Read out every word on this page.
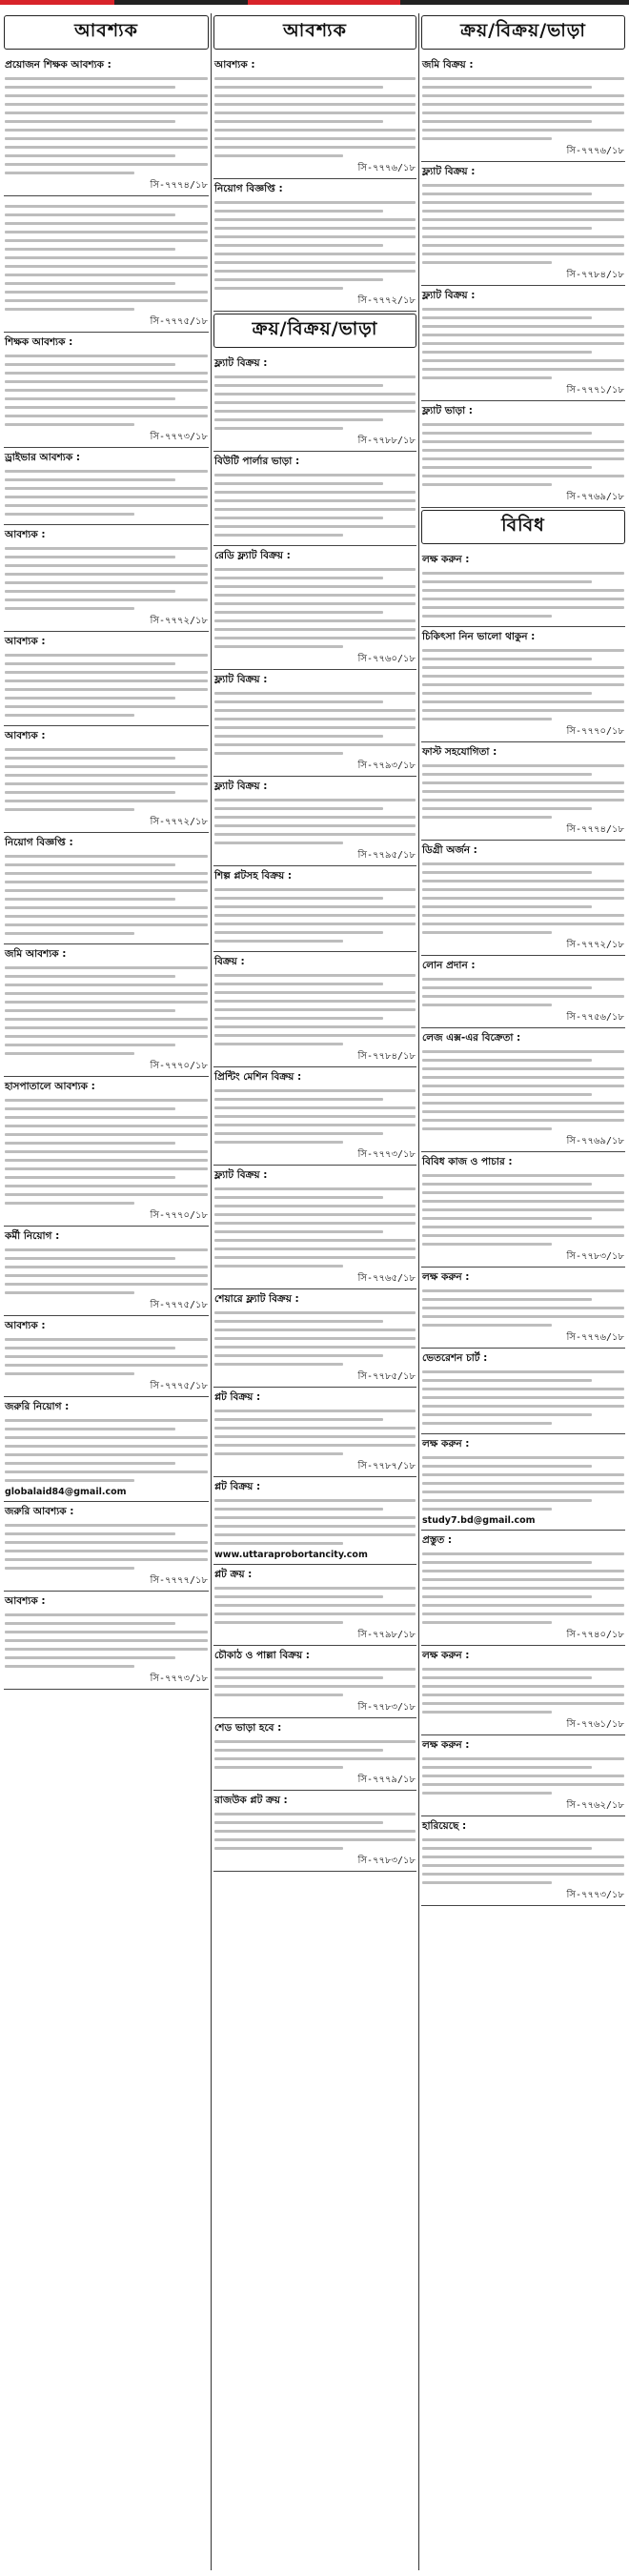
আবশ্যক
প্রয়োজন শিক্ষক আবশ্যক :
সি-৭৭৭৪/১৮
সি-৭৭৭৫/১৮
শিক্ষক আবশ্যক :
সি-৭৭৭৩/১৮
ড্রাইভার আবশ্যক :
আবশ্যক :
সি-৭৭৭২/১৮
আবশ্যক :
আবশ্যক :
সি-৭৭৭২/১৮
নিয়োগ বিজ্ঞপ্তি :
জমি আবশ্যক :
সি-৭৭৭০/১৮
হাসপাতালে আবশ্যক :
সি-৭৭৭০/১৮
কর্মী নিয়োগ :
সি-৭৭৭৫/১৮
আবশ্যক :
সি-৭৭৭৫/১৮
জরুরি নিয়োগ :
globalaid84@gmail.com
জরুরি আবশ্যক :
সি-৭৭৭৭/১৮
আবশ্যক :
সি-৭৭৭৩/১৮
আবশ্যক
আবশ্যক :
সি-৭৭৭৬/১৮
নিয়োগ বিজ্ঞপ্তি :
সি-৭৭৭২/১৮
ক্রয়/বিক্রয়/ভাড়া
ফ্ল্যাট বিক্রয় :
সি-৭৭৮৮/১৮
বিউটি পার্লার ভাড়া :
রেডি ফ্ল্যাট বিক্রয় :
সি-৭৭৬০/১৮
ফ্ল্যাট বিক্রয় :
সি-৭৭৯৩/১৮
ফ্ল্যাট বিক্রয় :
সি-৭৭৯৫/১৮
শিল্প প্লটসহ বিক্রয় :
বিক্রয় :
সি-৭৭৮৪/১৮
প্রিন্টিং মেশিন বিক্রয় :
সি-৭৭৭৩/১৮
ফ্ল্যাট বিক্রয় :
সি-৭৭৬৫/১৮
শেয়ারে ফ্ল্যাট বিক্রয় :
সি-৭৭৮৫/১৮
প্লট বিক্রয় :
সি-৭৭৮৭/১৮
প্লট বিক্রয় :
www.uttaraprobortancity.com
প্লট ক্রয় :
সি-৭৭৯৮/১৮
চৌকাঠ ও পাল্লা বিক্রয় :
সি-৭৭৮৩/১৮
শেড ভাড়া হবে :
সি-৭৭৭৯/১৮
রাজউক প্লট ক্রয় :
সি-৭৭৮৩/১৮
ক্রয়/বিক্রয়/ভাড়া
জমি বিক্রয় :
সি-৭৭৭৬/১৮
ফ্ল্যাট বিক্রয় :
সি-৭৭৮৪/১৮
ফ্ল্যাট বিক্রয় :
সি-৭৭৭১/১৮
ফ্ল্যাট ভাড়া :
সি-৭৭৬৯/১৮
বিবিধ
লক্ষ করুন :
চিকিৎসা নিন ভালো থাকুন :
সি-৭৭৭০/১৮
ফাস্ট সহযোগিতা :
সি-৭৭৭৪/১৮
ডিগ্রী অর্জন :
সি-৭৭৭২/১৮
লোন প্রদান :
সি-৭৭৫৬/১৮
লেজ এক্স-এর বিক্রেতা :
সি-৭৭৬৯/১৮
বিবিধ কাজ ও পাচার :
সি-৭৭৮৩/১৮
লক্ষ করুন :
সি-৭৭৭৬/১৮
ভেতরেশন চার্ট :
লক্ষ করুন :
study7.bd@gmail.com
প্রস্তুত :
সি-৭৭৪০/১৮
লক্ষ করুন :
সি-৭৭৬১/১৮
লক্ষ করুন :
সি-৭৭৬২/১৮
হারিয়েছে :
সি-৭৭৭৩/১৮
